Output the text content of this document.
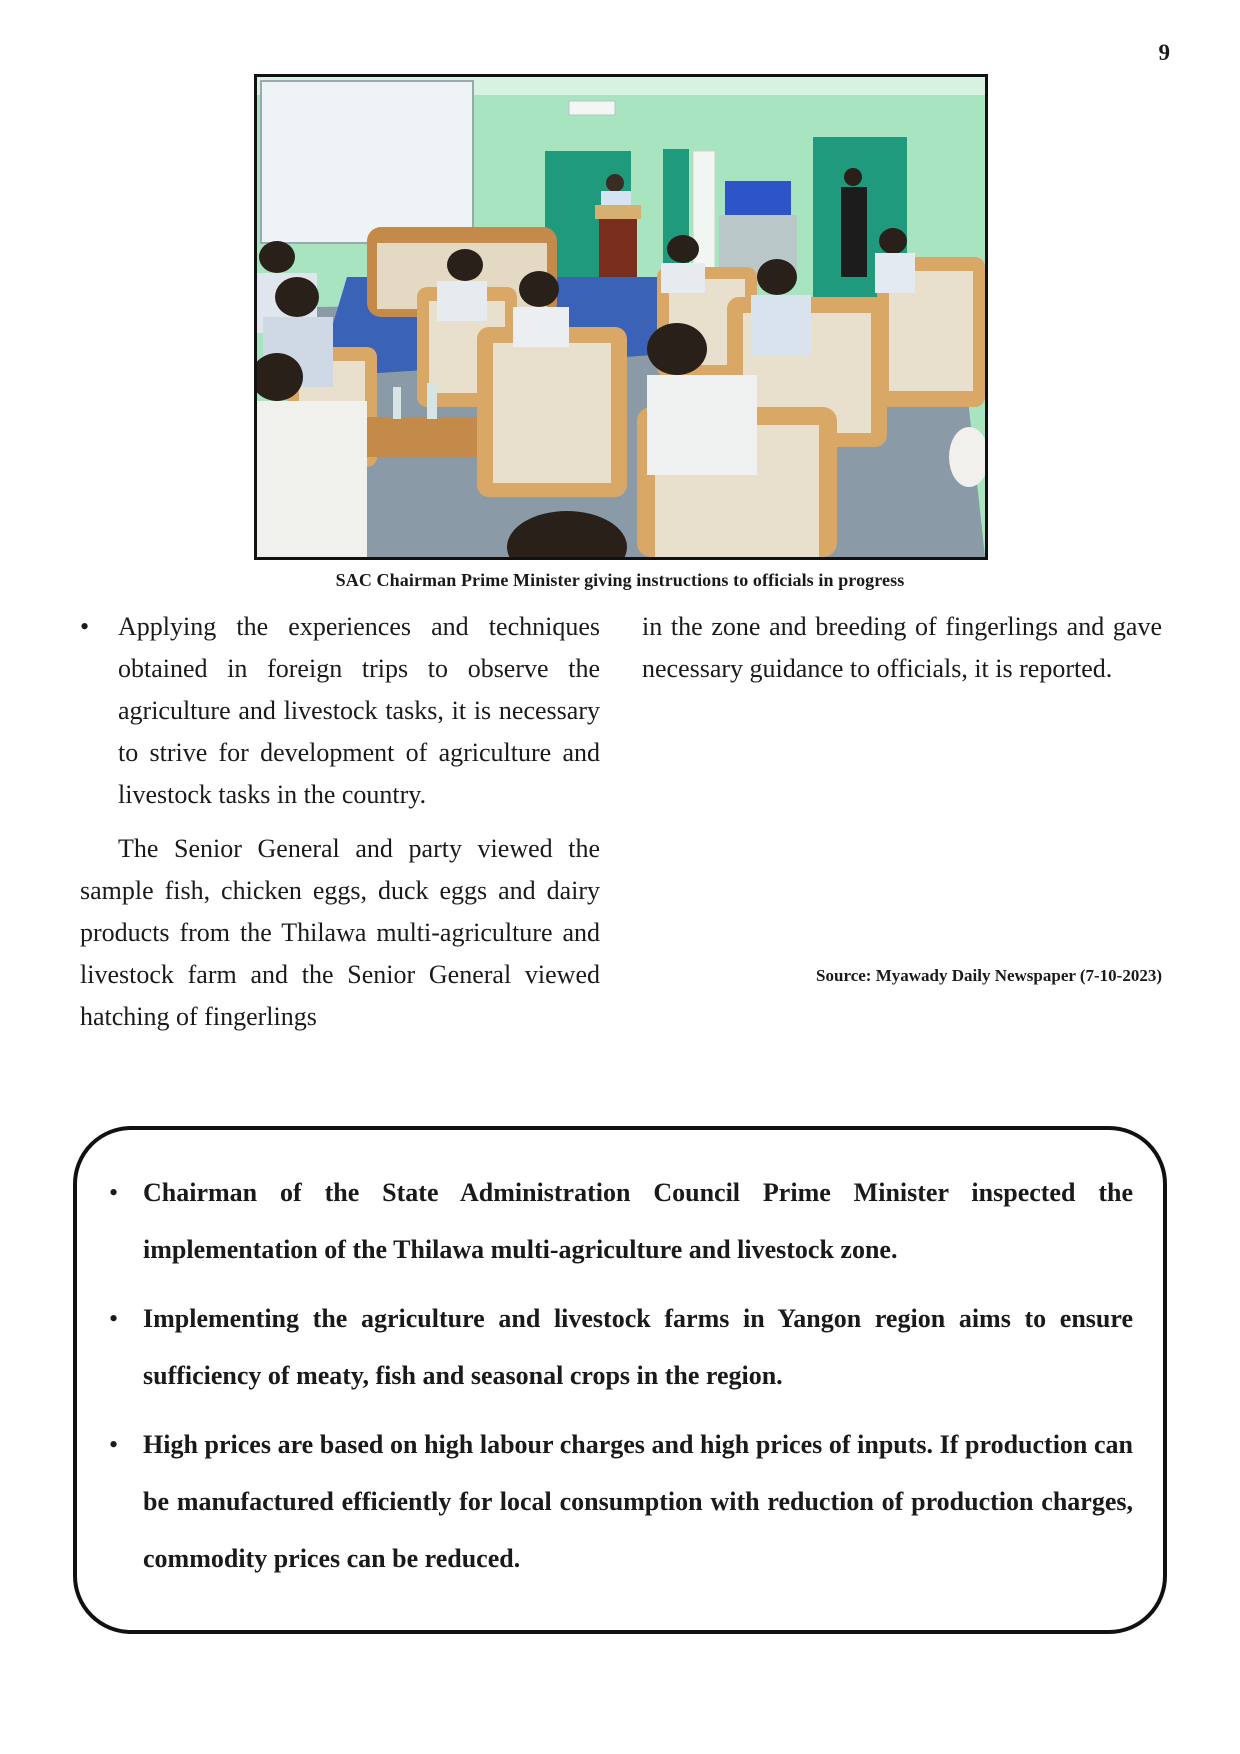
9
SAC Chairman Prime Minister giving instructions to officials in progress
•	Applying the experiences and techniques obtained in foreign trips to observe the agriculture and livestock tasks, it is necessary to strive for development of agriculture and livestock tasks in the country.

The Senior General and party viewed the sample fish, chicken eggs, duck eggs and dairy products from the Thilawa multi-agriculture and livestock farm and the Senior General viewed hatching of fingerlings

in the zone and breeding of fingerlings and gave necessary guidance to officials, it is reported.

Source: Myawady Daily Newspaper (7-10-2023)
• Chairman of the State Administration Council Prime Minister inspected the implementation of the Thilawa multi-agriculture and livestock zone.
• Implementing the agriculture and livestock farms in Yangon region aims to ensure sufficiency of meaty, fish and seasonal crops in the region.
• High prices are based on high labour charges and high prices of inputs. If production can be manufactured efficiently for local consumption with reduction of production charges, commodity prices can be reduced.
